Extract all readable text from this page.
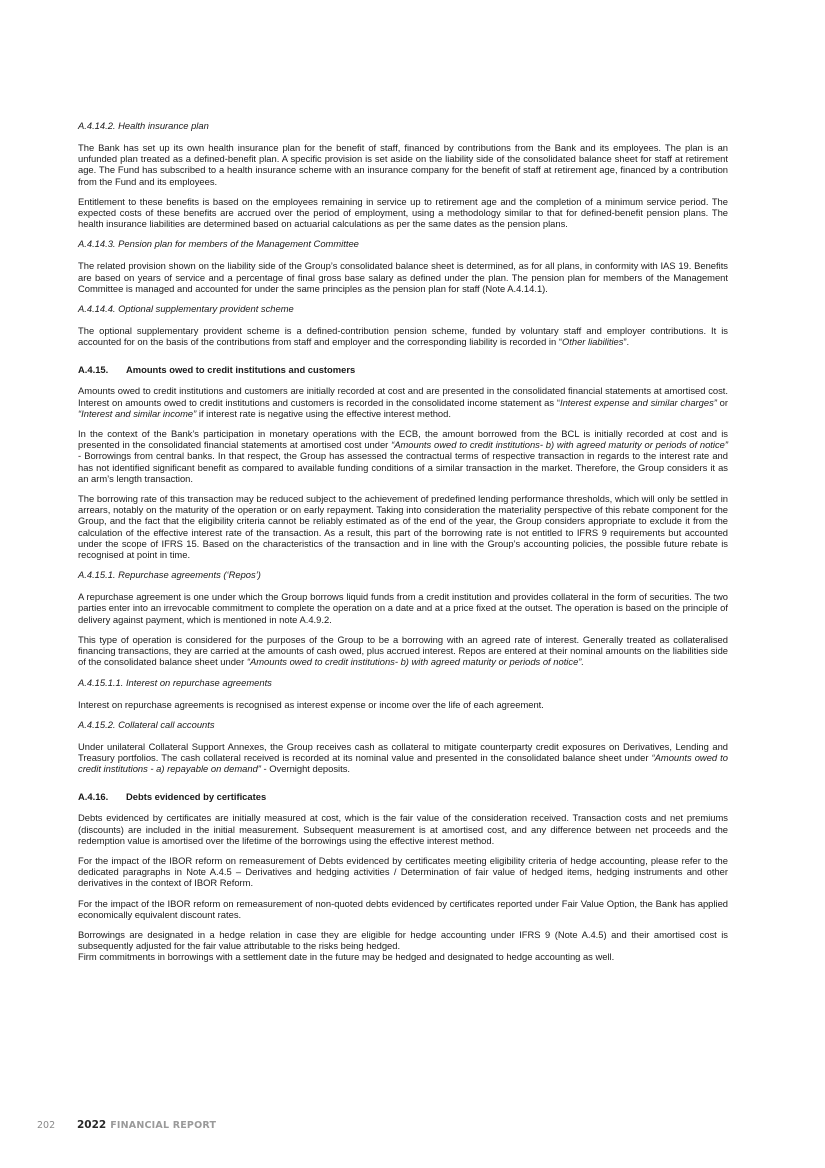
A.4.14.2. Health insurance plan

The Bank has set up its own health insurance plan for the benefit of staff, financed by contributions from the Bank and its employees. The plan is an unfunded plan treated as a defined-benefit plan. A specific provision is set aside on the liability side of the consolidated balance sheet for staff at retirement age. The Fund has subscribed to a health insurance scheme with an insurance company for the benefit of staff at retirement age, financed by a contribution from the Fund and its employees.

Entitlement to these benefits is based on the employees remaining in service up to retirement age and the completion of a minimum service period. The expected costs of these benefits are accrued over the period of employment, using a methodology similar to that for defined-benefit pension plans. The health insurance liabilities are determined based on actuarial calculations as per the same dates as the pension plans.

A.4.14.3. Pension plan for members of the Management Committee

The related provision shown on the liability side of the Group’s consolidated balance sheet is determined, as for all plans, in conformity with IAS 19. Benefits are based on years of service and a percentage of final gross base salary as defined under the plan. The pension plan for members of the Management Committee is managed and accounted for under the same principles as the pension plan for staff (Note A.4.14.1).

A.4.14.4. Optional supplementary provident scheme

The optional supplementary provident scheme is a defined-contribution pension scheme, funded by voluntary staff and employer contributions. It is accounted for on the basis of the contributions from staff and employer and the corresponding liability is recorded in “Other liabilities”.

A.4.15.	Amounts owed to credit institutions and customers

Amounts owed to credit institutions and customers are initially recorded at cost and are presented in the consolidated financial statements at amortised cost. Interest on amounts owed to credit institutions and customers is recorded in the consolidated income statement as “Interest expense and similar charges” or “Interest and similar income” if interest rate is negative using the effective interest method.

In the context of the Bank’s participation in monetary operations with the ECB, the amount borrowed from the BCL is initially recorded at cost and is presented in the consolidated financial statements at amortised cost under “Amounts owed to credit institutions- b) with agreed maturity or periods of notice” - Borrowings from central banks. In that respect, the Group has assessed the contractual terms of respective transaction in regards to the interest rate and has not identified significant benefit as compared to available funding conditions of a similar transaction in the market. Therefore, the Group considers it as an arm’s length transaction.

The borrowing rate of this transaction may be reduced subject to the achievement of predefined lending performance thresholds, which will only be settled in arrears, notably on the maturity of the operation or on early repayment. Taking into consideration the materiality perspective of this rebate component for the Group, and the fact that the eligibility criteria cannot be reliably estimated as of the end of the year, the Group considers appropriate to exclude it from the calculation of the effective interest rate of the transaction. As a result, this part of the borrowing rate is not entitled to IFRS 9 requirements but accounted under the scope of IFRS 15. Based on the characteristics of the transaction and in line with the Group’s accounting policies, the possible future rebate is recognised at point in time.

A.4.15.1. Repurchase agreements (‘Repos’)

A repurchase agreement is one under which the Group borrows liquid funds from a credit institution and provides collateral in the form of securities. The two parties enter into an irrevocable commitment to complete the operation on a date and at a price fixed at the outset. The operation is based on the principle of delivery against payment, which is mentioned in note A.4.9.2.

This type of operation is considered for the purposes of the Group to be a borrowing with an agreed rate of interest. Generally treated as collateralised financing transactions, they are carried at the amounts of cash owed, plus accrued interest. Repos are entered at their nominal amounts on the liabilities side of the consolidated balance sheet under “Amounts owed to credit institutions- b) with agreed maturity or periods of notice”.

A.4.15.1.1. Interest on repurchase agreements

Interest on repurchase agreements is recognised as interest expense or income over the life of each agreement.

A.4.15.2. Collateral call accounts

Under unilateral Collateral Support Annexes, the Group receives cash as collateral to mitigate counterparty credit exposures on Derivatives, Lending and Treasury portfolios. The cash collateral received is recorded at its nominal value and presented in the consolidated balance sheet under “Amounts owed to credit institutions - a) repayable on demand” - Overnight deposits.

A.4.16.	Debts evidenced by certificates

Debts evidenced by certificates are initially measured at cost, which is the fair value of the consideration received. Transaction costs and net premiums (discounts) are included in the initial measurement. Subsequent measurement is at amortised cost, and any difference between net proceeds and the redemption value is amortised over the lifetime of the borrowings using the effective interest method.

For the impact of the IBOR reform on remeasurement of Debts evidenced by certificates meeting eligibility criteria of hedge accounting, please refer to the dedicated paragraphs in Note A.4.5 – Derivatives and hedging activities / Determination of fair value of hedged items, hedging instruments and other derivatives in the context of IBOR Reform.

For the impact of the IBOR reform on remeasurement of non-quoted debts evidenced by certificates reported under Fair Value Option, the Bank has applied economically equivalent discount rates.

Borrowings are designated in a hedge relation in case they are eligible for hedge accounting under IFRS 9 (Note A.4.5) and their amortised cost is subsequently adjusted for the fair value attributable to the risks being hedged.

Firm commitments in borrowings with a settlement date in the future may be hedged and designated to hedge accounting as well.

202	2022 FINANCIAL REPORT
